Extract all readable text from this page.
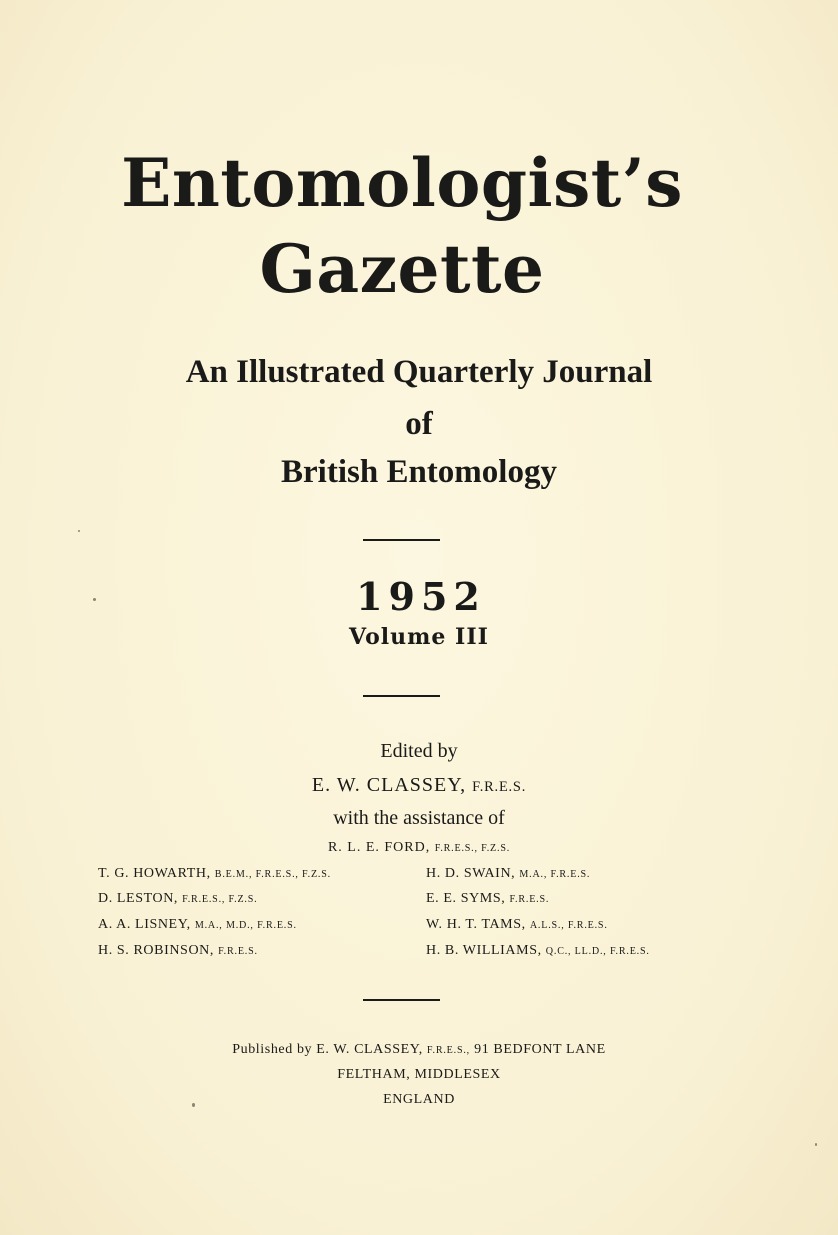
Entomologist’s
Gazette
An Illustrated Quarterly Journal
of
British Entomology
1952
Volume III
Edited by
E. W. CLASSEY, F.R.E.S.
with the assistance of
R. L. E. FORD, F.R.E.S., F.Z.S.
T. G. HOWARTH, B.E.M., F.R.E.S., F.Z.S.
D. LESTON, F.R.E.S., F.Z.S.
A. A. LISNEY, M.A., M.D., F.R.E.S.
H. S. ROBINSON, F.R.E.S.
H. D. SWAIN, M.A., F.R.E.S.
E. E. SYMS, F.R.E.S.
W. H. T. TAMS, A.L.S., F.R.E.S.
H. B. WILLIAMS, Q.C., LL.D., F.R.E.S.
Published by E. W. CLASSEY, F.R.E.S., 91 BEDFONT LANE
FELTHAM, MIDDLESEX
ENGLAND
